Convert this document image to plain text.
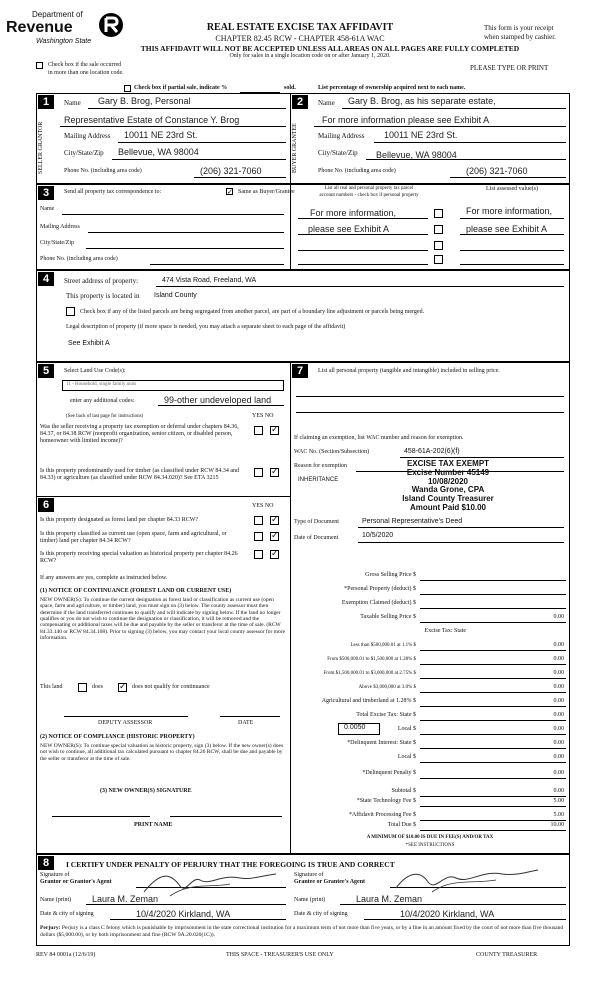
Department of
Revenue
Washington State
REAL ESTATE EXCISE TAX AFFIDAVIT
CHAPTER 82.45 RCW - CHAPTER 458-61A WAC
THIS AFFIDAVIT WILL NOT BE ACCEPTED UNLESS ALL AREAS ON ALL PAGES ARE FULLY COMPLETED
Only for sales in a single location code on or after January 1, 2020.
This form is your receipt
when stamped by cashier.
PLEASE TYPE OR PRINT
Check box if the sale occurred
in more than one location code.
Check box if partial sale, indicate %	sold.	List percentage of ownership acquired next to each name.
1
SELLER GRANTOR
Name Gary B. Brog, Personal
Representative Estate of Constance Y. Brog
Mailing Address 10011 NE 23rd St.
City/State/Zip Bellevue, WA 98004
Phone No. (including area code)	(206) 321-7060
2
BUYER GRANTEE
Name Gary B. Brog, as his separate estate,
For more information please see Exhibit A
Mailing Address 10011 NE 23rd St.
City/State/Zip Bellevue, WA 98004
Phone No. (including area code)	(206) 321-7060
3	Send all property tax correspondence to:	✓ Same as Buyer/Grantee
Name
Mailing Address
City/State/Zip
Phone No. (including area code)
List all real and personal property tax parcel
account numbers - check box if personal property
List assessed value(s)
For more information,
please see Exhibit A
For more information,
please see Exhibit A
4	Street address of property:	474 Vista Road, Freeland, WA
This property is located in Island County
Check box if any of the listed parcels are being segregated from another parcel, are part of a boundary line adjustment or parcels being merged.
Legal description of property (if more space is needed, you may attach a separate sheet to each page of the affidavit)
See Exhibit A
5	Select Land Use Code(s):
11 - Household, single family units
enter any additional codes:	99-other undeveloped land
(See back of last page for instructions)	YES NO
Was the seller receiving a property tax exemption or deferral under chapters 84.36, 84.37, or 84.38 RCW (nonprofit organization, senior citizen, or disabled person, homeowner with limited income)?
✓
Is this property predominantly used for timber (as classified under RCW 84.34 and 84.33) or agriculture (as classified under RCW 84.34.020)? See ETA 3215
✓
6	YES NO
Is this property designated as forest land per chapter 84.33 RCW?	✓
Is this property classified as current use (open space, farm and agricultural, or timber) land per chapter 84.34 RCW?
✓
Is this property receiving special valuation as historical property per chapter 84.26 RCW?
✓
If any answers are yes, complete as instructed below.
(1) NOTICE OF CONTINUANCE (FOREST LAND OR CURRENT USE)
NEW OWNER(S): To continue the current designation as forest land or classification as current use (open space, farm and agriculture, or timber) land, you must sign on (3) below. The county assessor must then determine if the land transferred continues to qualify and will indicate by signing below. If the land no longer qualifies or you do not wish to continue the designation or classification, it will be removed and the compensating or additional taxes will be due and payable by the seller or transferor at the time of sale. (RCW 84.33.140 or RCW 84.34.108). Prior to signing (3) below, you may contact your local county assessor for more information.
This land	does ✓ does not qualify for continuance
DEPUTY ASSESSOR	DATE
(2) NOTICE OF COMPLIANCE (HISTORIC PROPERTY)
NEW OWNER(S): To continue special valuation as historic property, sign (3) below. If the new owner(s) does not wish to continue, all additional tax calculated pursuant to chapter 84.26 RCW, shall be due and payable by the seller or transferor at the time of sale.
(3) NEW OWNER(S) SIGNATURE
PRINT NAME
7	List all personal property (tangible and intangible) included in selling price.
If claiming an exemption, list WAC number and reason for exemption.
WAC No. (Section/Subsection)	458-61A-202(6)(f)
Reason for exemption
INHERITANCE
EXCISE TAX EXEMPT
Excise Number 45149
10/08/2020
Wanda Grone, CPA
Island County Treasurer
Amount Paid $10.00
Type of Document	Personal Representative's Deed
Date of Document	10/5/2020
Gross Selling Price $
*Personal Property (deduct) $
Exemption Claimed (deduct) $
Taxable Selling Price $	0.00
Excise Tax: State
Less than $500,000.01 at 1.1% $	0.00
From $500,000.01 to $1,500,000 at 1.28% $	0.00
From $1,500,000.01 to $3,000,000 at 2.75% $	0.00
Above $3,000,000 at 3.0% $	0.00
Agricultural and timberland at 1.28% $	0.00
Total Excise Tax: State $	0.00
0.0050	Local $	0.00
*Delinquent Interest: State $	0.00
Local $	0.00
*Delinquent Penalty $	0.00
Subtotal $	0.00
*State Technology Fee $	5.00
*Affidavit Processing Fee $	5.00
Total Due $	10.00
A MINIMUM OF $10.00 IS DUE IN FEE(S) AND/OR TAX
*SEE INSTRUCTIONS
8	I CERTIFY UNDER PENALTY OF PERJURY THAT THE FOREGOING IS TRUE AND CORRECT
Signature of
Grantor or Grantor's Agent
Name (print) Laura M. Zeman
Date & city of signing	10/4/2020 Kirkland, WA
Signature of
Grantee or Grantee's Agent
Name (print)	Laura M. Zeman
Date & city of signing	10/4/2020 Kirkland, WA
Perjury: Perjury is a class C felony which is punishable by imprisonment in the state correctional institution for a maximum term of not more than five years, or by a fine in an amount fixed by the court of not more than five thousand dollars ($5,000.00), or by both imprisonment and fine (RCW 9A.20.020(1C)).
REV 84 0001a (12/6/19)	THIS SPACE - TREASURER'S USE ONLY	COUNTY TREASURER
